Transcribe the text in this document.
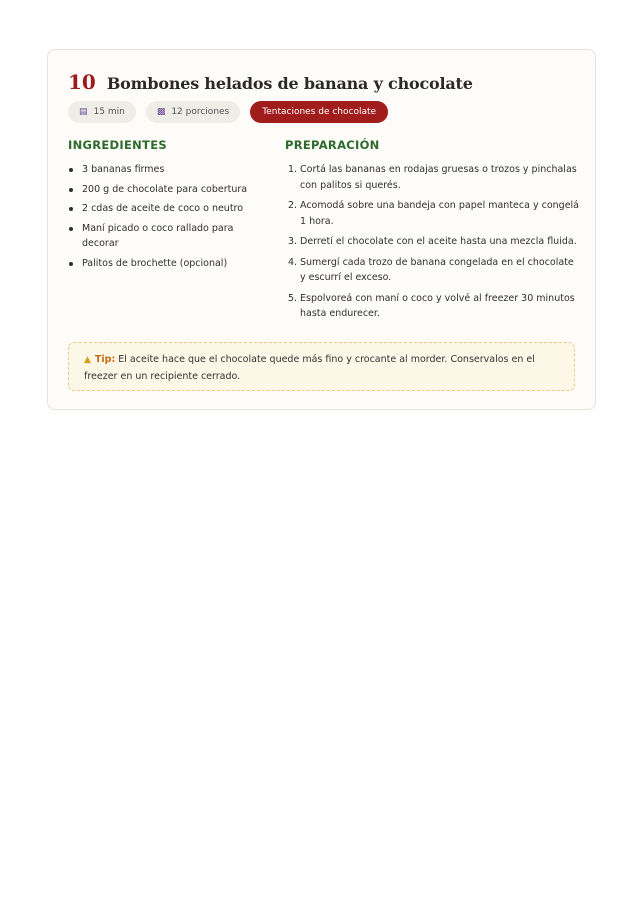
10 Bombones helados de banana y chocolate
▤ 15 min	▩ 12 porciones	Tentaciones de chocolate
INGREDIENTES
3 bananas firmes
200 g de chocolate para cobertura
2 cdas de aceite de coco o neutro
Maní picado o coco rallado para decorar
Palitos de brochette (opcional)
PREPARACIÓN
1. Cortá las bananas en rodajas gruesas o trozos y pinchalas con palitos si querés.
2. Acomodá sobre una bandeja con papel manteca y congelá 1 hora.
3. Derretí el chocolate con el aceite hasta una mezcla fluida.
4. Sumergí cada trozo de banana congelada en el chocolate y escurrí el exceso.
5. Espolvoreá con maní o coco y volvé al freezer 30 minutos hasta endurecer.
▲ Tip: El aceite hace que el chocolate quede más fino y crocante al morder. Conservalos en el freezer en un recipiente cerrado.
